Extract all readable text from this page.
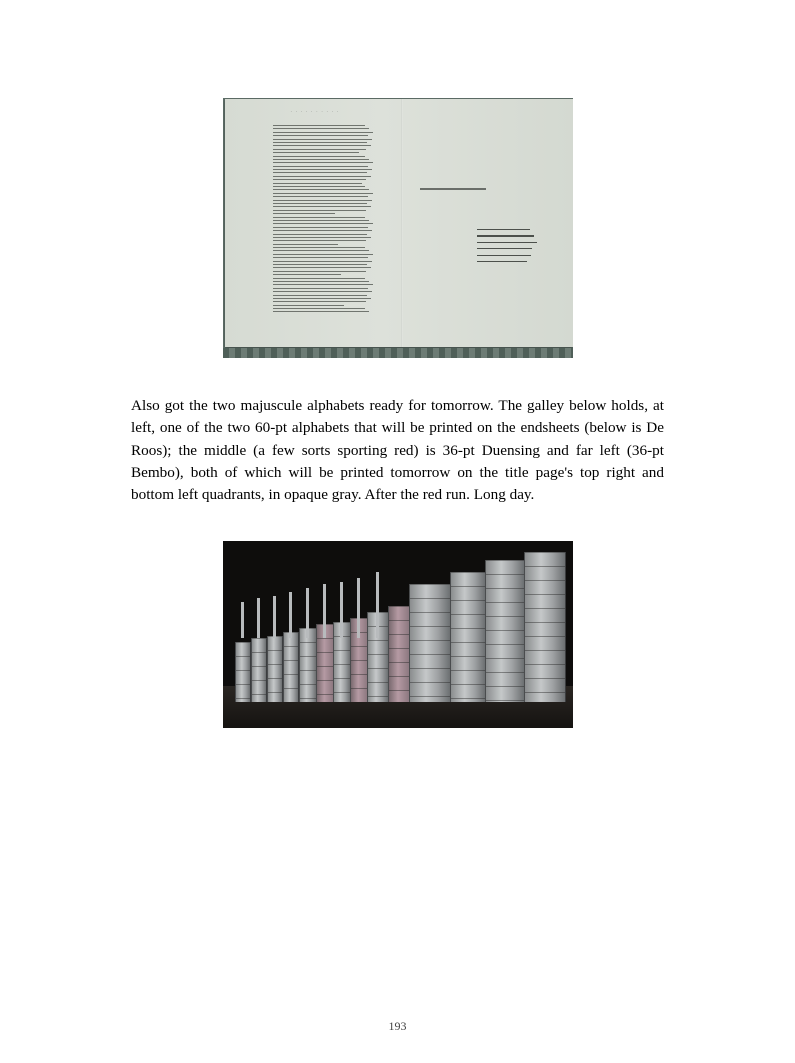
· · · · · · · · · ·

Also got the two majuscule alphabets ready for tomorrow. The galley below holds, at left, one of the two 60-pt alphabets that will be printed on the endsheets (below is De Roos); the middle (a few sorts sporting red) is 36-pt Duensing and far left (36-pt Bembo), both of which will be printed tomorrow on the title page's top right and bottom left quadrants, in opaque gray. After the red run. Long day.

193
